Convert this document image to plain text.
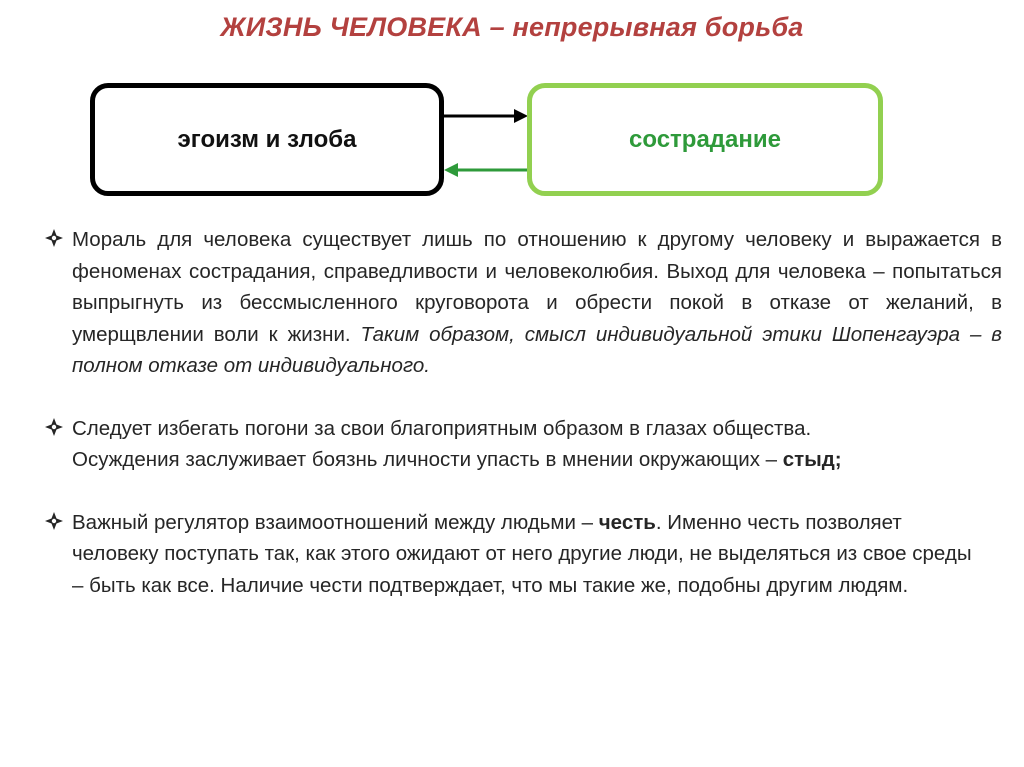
ЖИЗНЬ ЧЕЛОВЕКА – непрерывная борьба
эгоизм и злоба	сострадание
Мораль для человека существует лишь по отношению к другому человеку и выражается в феноменах сострадания, справедливости и человеколюбия. Выход для человека – попытаться выпрыгнуть из бессмысленного круговорота и обрести покой в отказе от желаний, в умерщвлении воли к жизни. Таким образом, смысл индивидуальной этики Шопенгауэра – в полном отказе от индивидуального.
Следует избегать погони за свои благоприятным образом в глазах общества. Осуждения заслуживает боязнь личности упасть в мнении окружающих – стыд;
Важный регулятор взаимоотношений между людьми – честь. Именно честь позволяет человеку поступать так, как этого ожидают от него другие люди, не выделяться из свое среды – быть как все. Наличие чести подтверждает, что мы такие же, подобны другим людям.
